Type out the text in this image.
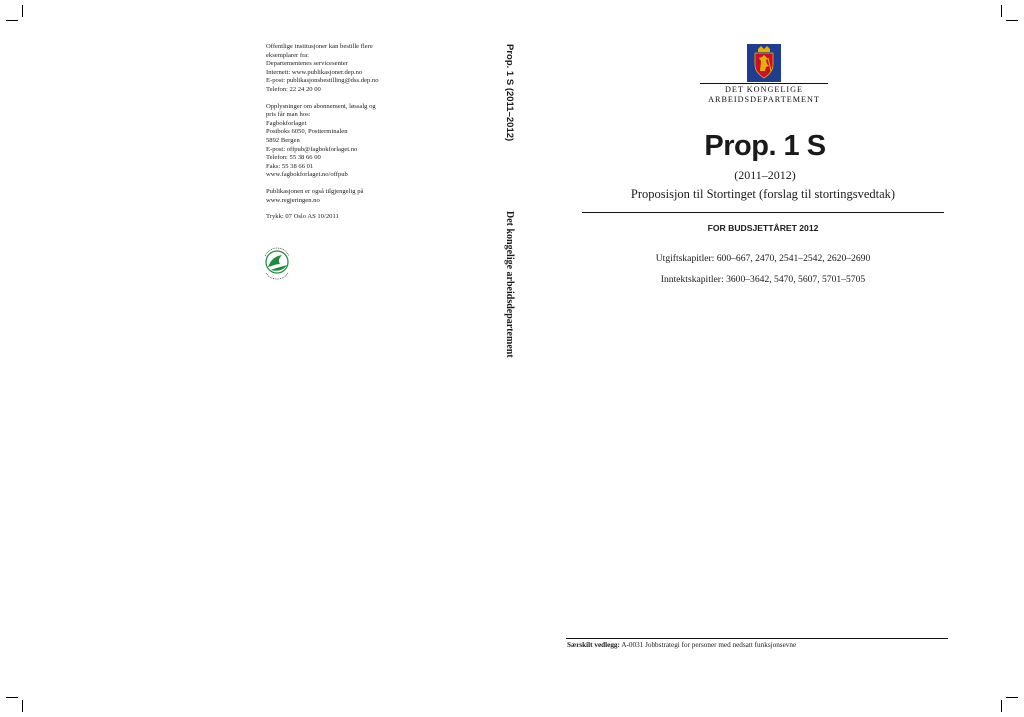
Offentlige institusjoner kan bestille flere
eksemplarer fra:
Departementenes servicesenter
Internett: www.publikasjoner.dep.no
E-post: publikasjonsbestilling@dss.dep.no
Telefon: 22 24 20 00
Opplysninger om abonnement, løssalg og
pris får man hos:
Fagbokforlaget
Postboks 6050, Postterminalen
5892 Bergen
E-post: offpub@fagbokforlaget.no
Telefon: 55 38 66 00
Faks: 55 38 66 01
www.fagbokforlaget.no/offpub
Publikasjonen er også tilgjengelig på
www.regjeringen.no
Trykk: 07 Oslo AS 10/2011
Prop. 1 S (2011–2012)
Det kongelige arbeidsdepartement
DET KONGELIGE
ARBEIDSDEPARTEMENT
Prop. 1 S
(2011–2012)
Proposisjon til Stortinget (forslag til stortingsvedtak)
FOR BUDSJETTÅRET 2012
Utgiftskapitler: 600–667, 2470, 2541–2542, 2620–2690
Inntektskapitler: 3600–3642, 5470, 5607, 5701–5705
Særskilt vedlegg: A-0031 Jobbstrategi for personer med nedsatt funksjonsevne
